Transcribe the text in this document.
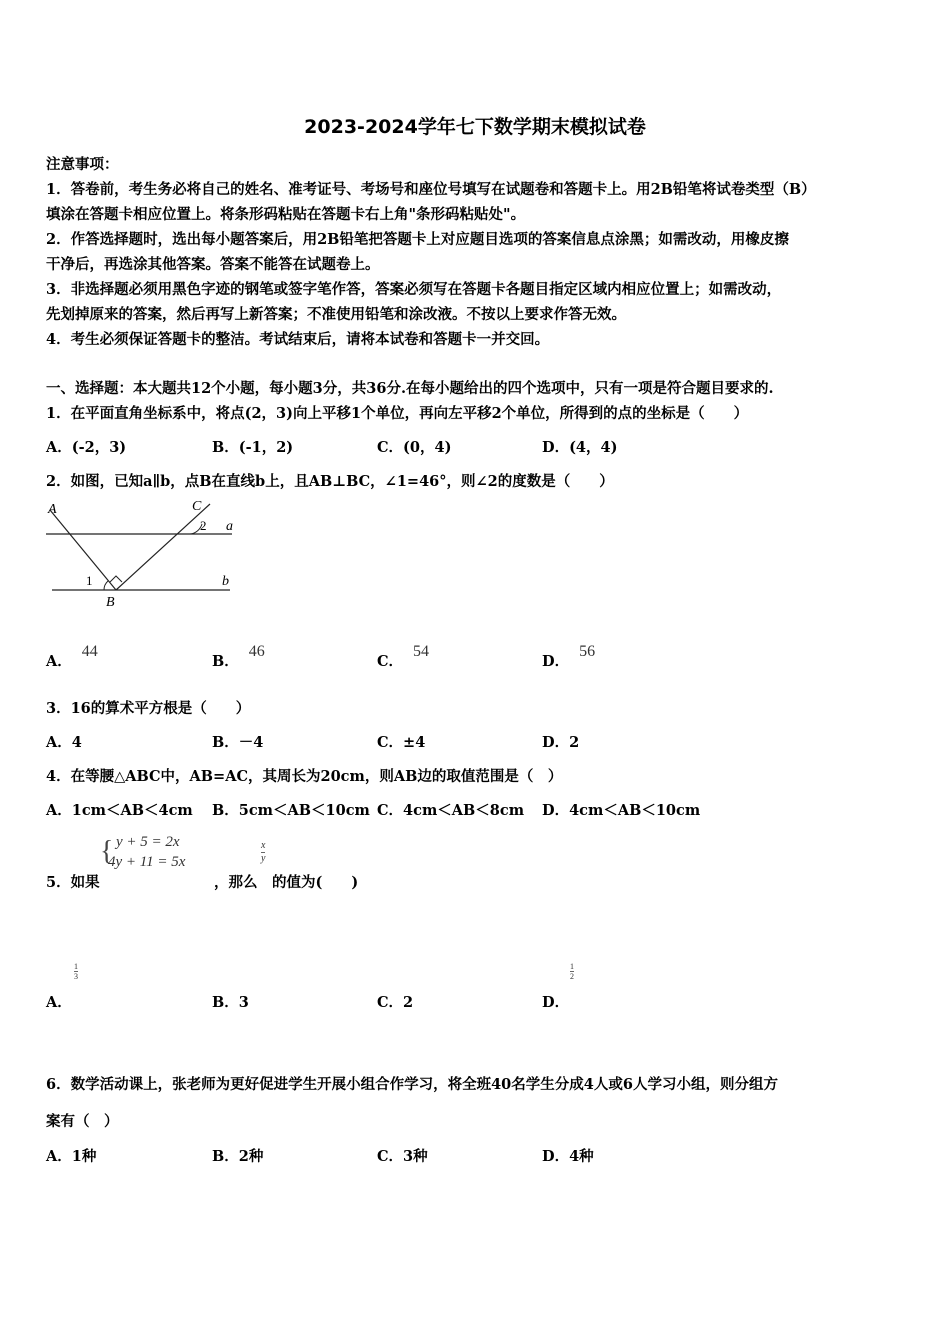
2023-2024学年七下数学期末模拟试卷
注意事项：
1．答卷前，考生务必将自己的姓名、准考证号、考场号和座位号填写在试题卷和答题卡上。用2B铅笔将试卷类型（B）
填涂在答题卡相应位置上。将条形码粘贴在答题卡右上角"条形码粘贴处"。
2．作答选择题时，选出每小题答案后，用2B铅笔把答题卡上对应题目选项的答案信息点涂黑；如需改动，用橡皮擦
干净后，再选涂其他答案。答案不能答在试题卷上。
3．非选择题必须用黑色字迹的钢笔或签字笔作答，答案必须写在答题卡各题目指定区域内相应位置上；如需改动，
先划掉原来的答案，然后再写上新答案；不准使用铅笔和涂改液。不按以上要求作答无效。
4．考生必须保证答题卡的整洁。考试结束后，请将本试卷和答题卡一并交回。
一、选择题：本大题共12个小题，每小题3分，共36分.在每小题给出的四个选项中，只有一项是符合题目要求的.
1．在平面直角坐标系中，将点(2，3)向上平移1个单位，再向左平移2个单位，所得到的点的坐标是（　　）
A．(-2，3)	B．(-1，2)	C．(0，4)	D．(4，4)
2．如图，已知a∥b，点B在直线b上，且AB⊥BC，∠1=46°，则∠2的度数是（　　）
A	C
2 a
1	b
B
A．44
B．46
C．54
D．56
3．16的算术平方根是（　　）
A．4	B．－4	C．±4	D．2
4．在等腰△ABC中，AB=AC，其周长为20cm，则AB边的取值范围是（　）
A．1cm＜AB＜4cm B．5cm＜AB＜10cm C．4cm＜AB＜8cm D．4cm＜AB＜10cm
5．如果
{ y + 5 = 2x
4y + 11 = 5x
，那么
$\frac{x}{y}$
的值为(　　)
A．
$\frac{1}{3}$
B．3	C．2	D．
$\frac{1}{2}$
6．数学活动课上，张老师为更好促进学生开展小组合作学习，将全班40名学生分成4人或6人学习小组，则分组方
案有（　）
A．1种	B．2种	C．3种	D．4种
